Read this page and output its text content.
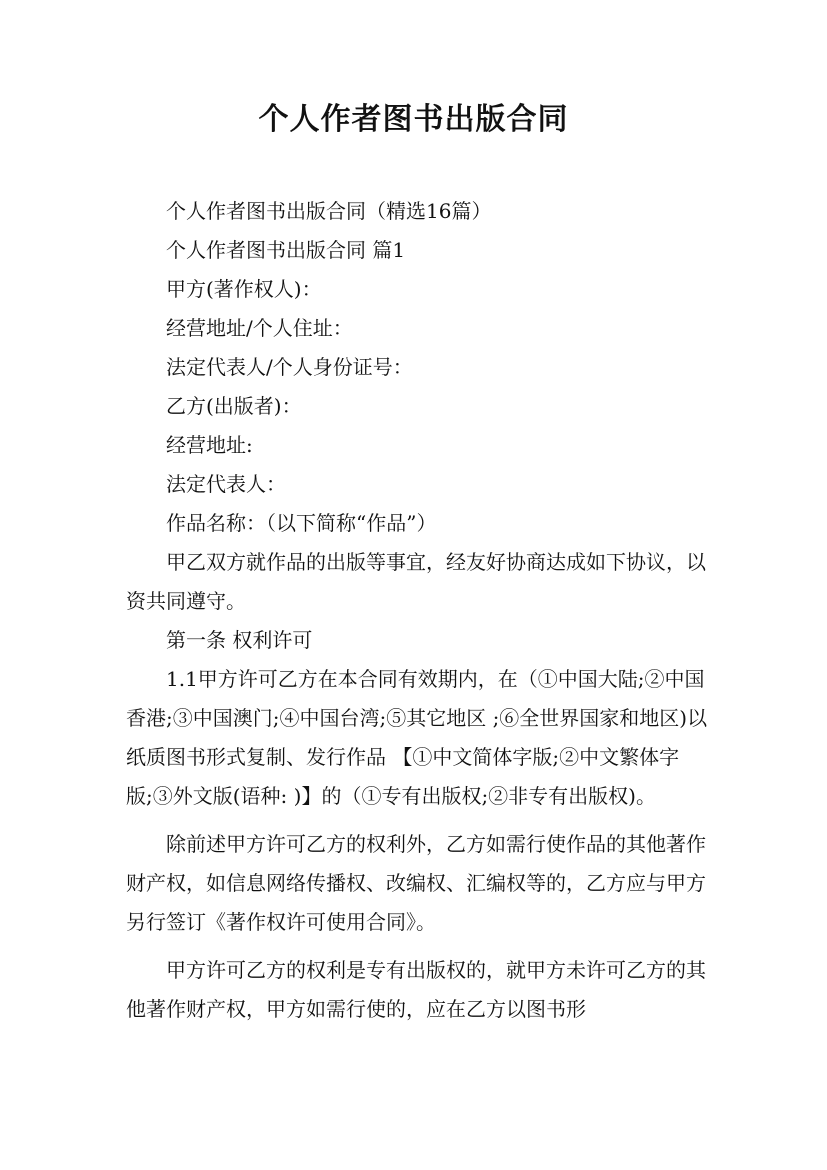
个人作者图书出版合同

个人作者图书出版合同（精选16篇）

个人作者图书出版合同 篇1

甲方(著作权人)：

经营地址/个人住址：

法定代表人/个人身份证号：

乙方(出版者)：

经营地址:

法定代表人：

作品名称：（以下简称“作品”）

甲乙双方就作品的出版等事宜，经友好协商达成如下协议，以资共同遵守。

第一条 权利许可

1.1甲方许可乙方在本合同有效期内，在（①中国大陆;②中国香港;③中国澳门;④中国台湾;⑤其它地区 ;⑥全世界国家和地区)以纸质图书形式复制、发行作品 【①中文简体字版;②中文繁体字版;③外文版(语种: )】的（①专有出版权;②非专有出版权)。

除前述甲方许可乙方的权利外，乙方如需行使作品的其他著作财产权，如信息网络传播权、改编权、汇编权等的，乙方应与甲方另行签订《著作权许可使用合同》。

甲方许可乙方的权利是专有出版权的，就甲方未许可乙方的其他著作财产权，甲方如需行使的，应在乙方以图书形
